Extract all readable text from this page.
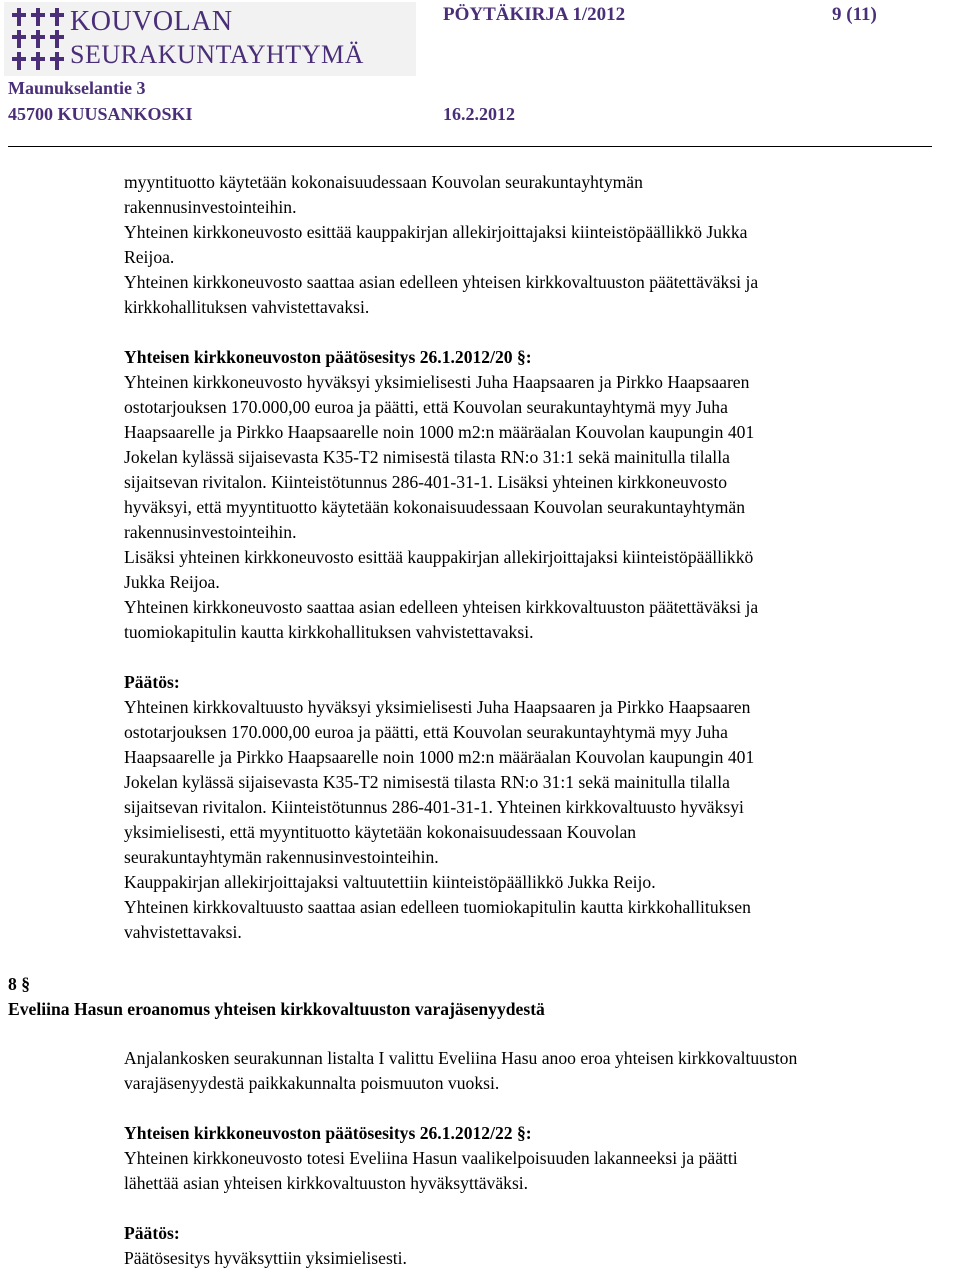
KOUVOLAN
SEURAKUNTAYHTYMÄ
Maunukselantie 3
45700 KUUSANKOSKI
PÖYTÄKIRJA 1/2012	9 (11)
16.2.2012

myyntituotto käytetään kokonaisuudessaan Kouvolan seurakuntayhtymän

rakennusinvestointeihin.

Yhteinen kirkkoneuvosto esittää kauppakirjan allekirjoittajaksi kiinteistöpäällikkö Jukka

Reijoa.

Yhteinen kirkkoneuvosto saattaa asian edelleen yhteisen kirkkovaltuuston päätettäväksi ja

kirkkohallituksen vahvistettavaksi.

Yhteisen kirkkoneuvoston päätösesitys 26.1.2012/20 §:

Yhteinen kirkkoneuvosto hyväksyi yksimielisesti Juha Haapsaaren ja Pirkko Haapsaaren

ostotarjouksen 170.000,00 euroa ja päätti, että Kouvolan seurakuntayhtymä myy Juha

Haapsaarelle ja Pirkko Haapsaarelle noin 1000 m2:n määräalan Kouvolan kaupungin 401

Jokelan kylässä sijaisevasta K35-T2 nimisestä tilasta RN:o 31:1 sekä mainitulla tilalla

sijaitsevan rivitalon. Kiinteistötunnus 286-401-31-1. Lisäksi yhteinen kirkkoneuvosto

hyväksyi, että myyntituotto käytetään kokonaisuudessaan Kouvolan seurakuntayhtymän

rakennusinvestointeihin.

Lisäksi yhteinen kirkkoneuvosto esittää kauppakirjan allekirjoittajaksi kiinteistöpäällikkö

Jukka Reijoa.

Yhteinen kirkkoneuvosto saattaa asian edelleen yhteisen kirkkovaltuuston päätettäväksi ja

tuomiokapitulin kautta kirkkohallituksen vahvistettavaksi.

Päätös:

Yhteinen kirkkovaltuusto hyväksyi yksimielisesti Juha Haapsaaren ja Pirkko Haapsaaren

ostotarjouksen 170.000,00 euroa ja päätti, että Kouvolan seurakuntayhtymä myy Juha

Haapsaarelle ja Pirkko Haapsaarelle noin 1000 m2:n määräalan Kouvolan kaupungin 401

Jokelan kylässä sijaisevasta K35-T2 nimisestä tilasta RN:o 31:1 sekä mainitulla tilalla

sijaitsevan rivitalon. Kiinteistötunnus 286-401-31-1. Yhteinen kirkkovaltuusto hyväksyi

yksimielisesti, että myyntituotto käytetään kokonaisuudessaan Kouvolan

seurakuntayhtymän rakennusinvestointeihin.

Kauppakirjan allekirjoittajaksi valtuutettiin kiinteistöpäällikkö Jukka Reijo.

Yhteinen kirkkovaltuusto saattaa asian edelleen tuomiokapitulin kautta kirkkohallituksen

vahvistettavaksi.

8 §
Eveliina Hasun eroanomus yhteisen kirkkovaltuuston varajäsenyydestä

Anjalankosken seurakunnan listalta I valittu Eveliina Hasu anoo eroa yhteisen kirkkovaltuuston

varajäsenyydestä paikkakunnalta poismuuton vuoksi.

Yhteisen kirkkoneuvoston päätösesitys 26.1.2012/22 §:

Yhteinen kirkkoneuvosto totesi Eveliina Hasun vaalikelpoisuuden lakanneeksi ja päätti

lähettää asian yhteisen kirkkovaltuuston hyväksyttäväksi.

Päätös:

Päätösesitys hyväksyttiin yksimielisesti.
